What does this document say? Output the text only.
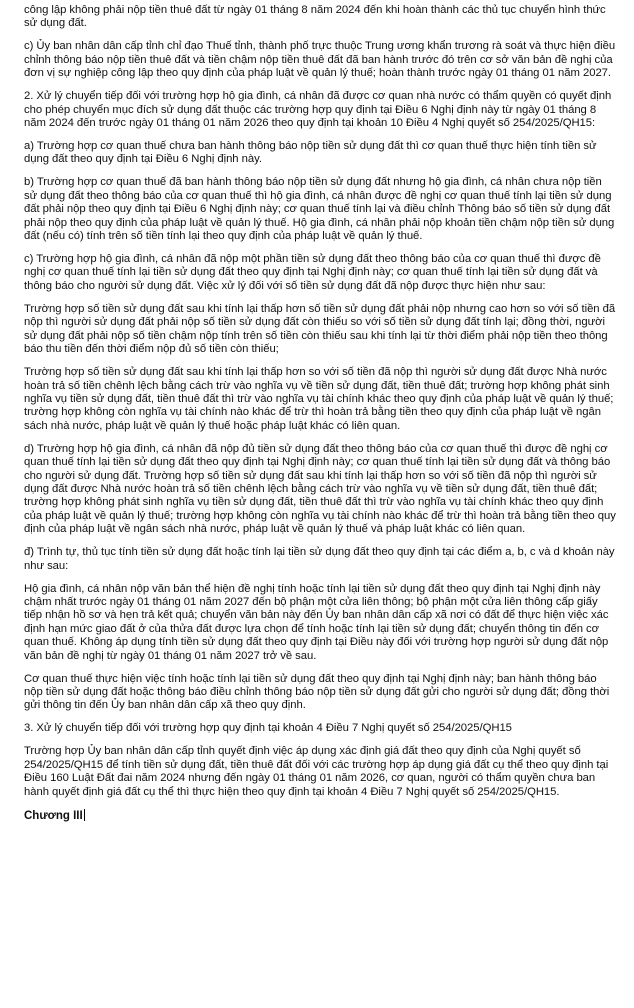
công lập không phải nộp tiền thuê đất từ ngày 01 tháng 8 năm 2024 đến khi hoàn thành các thủ tục chuyển hình thức sử dụng đất.

c) Ủy ban nhân dân cấp tỉnh chỉ đạo Thuế tỉnh, thành phố trực thuộc Trung ương khẩn trương rà soát và thực hiện điều chỉnh thông báo nộp tiền thuê đất và tiền chậm nộp tiền thuê đất đã ban hành trước đó trên cơ sở văn bản đề nghị của đơn vị sự nghiệp công lập theo quy định của pháp luật về quản lý thuế; hoàn thành trước ngày 01 tháng 01 năm 2027.

2. Xử lý chuyển tiếp đối với trường hợp hộ gia đình, cá nhân đã được cơ quan nhà nước có thẩm quyền có quyết định cho phép chuyển mục đích sử dụng đất thuộc các trường hợp quy định tại Điều 6 Nghị định này từ ngày 01 tháng 8 năm 2024 đến trước ngày 01 tháng 01 năm 2026 theo quy định tại khoản 10 Điều 4 Nghị quyết số 254/2025/QH15:

a) Trường hợp cơ quan thuế chưa ban hành thông báo nộp tiền sử dụng đất thì cơ quan thuế thực hiện tính tiền sử dụng đất theo quy định tại Điều 6 Nghị định này.

b) Trường hợp cơ quan thuế đã ban hành thông báo nộp tiền sử dụng đất nhưng hộ gia đình, cá nhân chưa nộp tiền sử dụng đất theo thông báo của cơ quan thuế thì hộ gia đình, cá nhân được đề nghị cơ quan thuế tính lại tiền sử dụng đất phải nộp theo quy định tại Điều 6 Nghị định này; cơ quan thuế tính lại và điều chỉnh Thông báo số tiền sử dụng đất phải nộp theo quy định của pháp luật về quản lý thuế. Hộ gia đình, cá nhân phải nộp khoản tiền chậm nộp tiền sử dụng đất (nếu có) tính trên số tiền tính lại theo quy định của pháp luật về quản lý thuế.

c) Trường hợp hộ gia đình, cá nhân đã nộp một phần tiền sử dụng đất theo thông báo của cơ quan thuế thì được đề nghị cơ quan thuế tính lại tiền sử dụng đất theo quy định tại Nghị định này; cơ quan thuế tính lại tiền sử dụng đất và thông báo cho người sử dụng đất. Việc xử lý đối với số tiền sử dụng đất đã nộp được thực hiện như sau:

Trường hợp số tiền sử dụng đất sau khi tính lại thấp hơn số tiền sử dụng đất phải nộp nhưng cao hơn so với số tiền đã nộp thì người sử dụng đất phải nộp số tiền sử dụng đất còn thiếu so với số tiền sử dụng đất tính lại; đồng thời, người sử dụng đất phải nộp số tiền chậm nộp tính trên số tiền còn thiếu sau khi tính lại từ thời điểm phải nộp tiền theo thông báo thu tiền đến thời điểm nộp đủ số tiền còn thiếu;

Trường hợp số tiền sử dụng đất sau khi tính lại thấp hơn so với số tiền đã nộp thì người sử dụng đất được Nhà nước hoàn trả số tiền chênh lệch bằng cách trừ vào nghĩa vụ về tiền sử dụng đất, tiền thuê đất; trường hợp không phát sinh nghĩa vụ tiền sử dụng đất, tiền thuê đất thì trừ vào nghĩa vụ tài chính khác theo quy định của pháp luật về quản lý thuế; trường hợp không còn nghĩa vụ tài chính nào khác để trừ thì hoàn trả bằng tiền theo quy định của pháp luật về ngân sách nhà nước, pháp luật về quản lý thuế hoặc pháp luật khác có liên quan.

d) Trường hợp hộ gia đình, cá nhân đã nộp đủ tiền sử dụng đất theo thông báo của cơ quan thuế thì được đề nghị cơ quan thuế tính lại tiền sử dụng đất theo quy định tại Nghị định này; cơ quan thuế tính lại tiền sử dụng đất và thông báo cho người sử dụng đất. Trường hợp số tiền sử dụng đất sau khi tính lại thấp hơn so với số tiền đã nộp thì người sử dụng đất được Nhà nước hoàn trả số tiền chênh lệch bằng cách trừ vào nghĩa vụ về tiền sử dụng đất, tiền thuê đất; trường hợp không phát sinh nghĩa vụ tiền sử dụng đất, tiền thuê đất thì trừ vào nghĩa vụ tài chính khác theo quy định của pháp luật về quản lý thuế; trường hợp không còn nghĩa vụ tài chính nào khác để trừ thì hoàn trả bằng tiền theo quy định của pháp luật về ngân sách nhà nước, pháp luật về quản lý thuế và pháp luật khác có liên quan.

đ) Trình tự, thủ tục tính tiền sử dụng đất hoặc tính lại tiền sử dụng đất theo quy định tại các điểm a, b, c và d khoản này như sau:

Hộ gia đình, cá nhân nộp văn bản thể hiện đề nghị tính hoặc tính lại tiền sử dụng đất theo quy định tại Nghị định này chậm nhất trước ngày 01 tháng 01 năm 2027 đến bộ phận một cửa liên thông; bộ phận một cửa liên thông cấp giấy tiếp nhận hồ sơ và hẹn trả kết quả; chuyển văn bản này đến Ủy ban nhân dân cấp xã nơi có đất để thực hiện việc xác định hạn mức giao đất ở của thửa đất được lựa chọn để tính hoặc tính lại tiền sử dụng đất; chuyển thông tin đến cơ quan thuế. Không áp dụng tính tiền sử dụng đất theo quy định tại Điều này đối với trường hợp người sử dụng đất nộp văn bản đề nghị từ ngày 01 tháng 01 năm 2027 trở về sau.

Cơ quan thuế thực hiện việc tính hoặc tính lại tiền sử dụng đất theo quy định tại Nghị định này; ban hành thông báo nộp tiền sử dụng đất hoặc thông báo điều chỉnh thông báo nộp tiền sử dụng đất gửi cho người sử dụng đất; đồng thời gửi thông tin đến Ủy ban nhân dân cấp xã theo quy định.

3. Xử lý chuyển tiếp đối với trường hợp quy định tại khoản 4 Điều 7 Nghị quyết số 254/2025/QH15

Trường hợp Ủy ban nhân dân cấp tỉnh quyết định việc áp dụng xác định giá đất theo quy định của Nghị quyết số 254/2025/QH15 để tính tiền sử dụng đất, tiền thuê đất đối với các trường hợp áp dụng giá đất cụ thể theo quy định tại Điều 160 Luật Đất đai năm 2024 nhưng đến ngày 01 tháng 01 năm 2026, cơ quan, người có thẩm quyền chưa ban hành quyết định giá đất cụ thể thì thực hiện theo quy định tại khoản 4 Điều 7 Nghị quyết số 254/2025/QH15.

Chương III
